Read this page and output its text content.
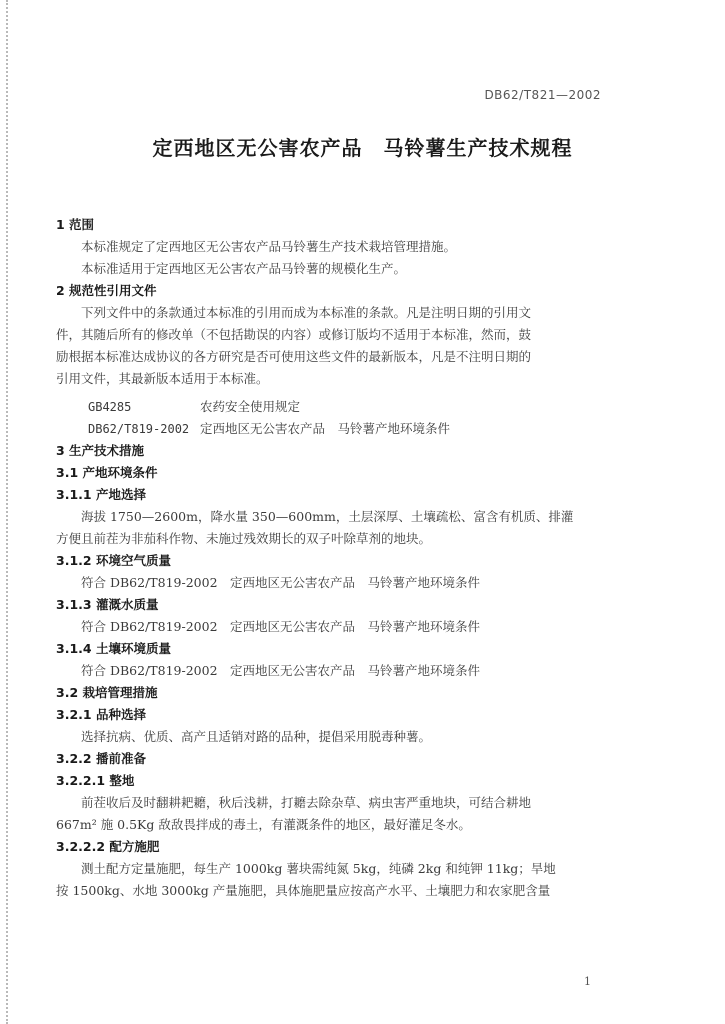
DB62/T821—2002
定西地区无公害农产品　马铃薯生产技术规程
1 范围
本标准规定了定西地区无公害农产品马铃薯生产技术栽培管理措施。
本标准适用于定西地区无公害农产品马铃薯的规模化生产。
2 规范性引用文件
下列文件中的条款通过本标准的引用而成为本标准的条款。凡是注明日期的引用文
件，其随后所有的修改单（不包括勘误的内容）或修订版均不适用于本标准，然而，鼓
励根据本标准达成协议的各方研究是否可使用这些文件的最新版本，凡是不注明日期的
引用文件，其最新版本适用于本标准。
GB4285	农药安全使用规定
DB62/T819-2002 定西地区无公害农产品　马铃薯产地环境条件
3 生产技术措施
3.1 产地环境条件
3.1.1 产地选择
海拔 1750—2600m，降水量 350—600mm，土层深厚、土壤疏松、富含有机质、排灌
方便且前茬为非茄科作物、未施过残效期长的双子叶除草剂的地块。
3.1.2 环境空气质量
符合 DB62/T819-2002　定西地区无公害农产品　马铃薯产地环境条件
3.1.3 灌溉水质量
符合 DB62/T819-2002　定西地区无公害农产品　马铃薯产地环境条件
3.1.4 土壤环境质量
符合 DB62/T819-2002　定西地区无公害农产品　马铃薯产地环境条件
3.2 栽培管理措施
3.2.1 品种选择
选择抗病、优质、高产且适销对路的品种，提倡采用脱毒种薯。
3.2.2 播前准备
3.2.2.1 整地
前茬收后及时翻耕耙耱，秋后浅耕，打耱去除杂草、病虫害严重地块，可结合耕地
667m² 施 0.5Kg 敌敌畏拌成的毒土，有灌溉条件的地区，最好灌足冬水。
3.2.2.2 配方施肥
测土配方定量施肥，每生产 1000kg 薯块需纯氮 5kg，纯磷 2kg 和纯钾 11kg；旱地
按 1500kg、水地 3000kg 产量施肥，具体施肥量应按高产水平、土壤肥力和农家肥含量
1
